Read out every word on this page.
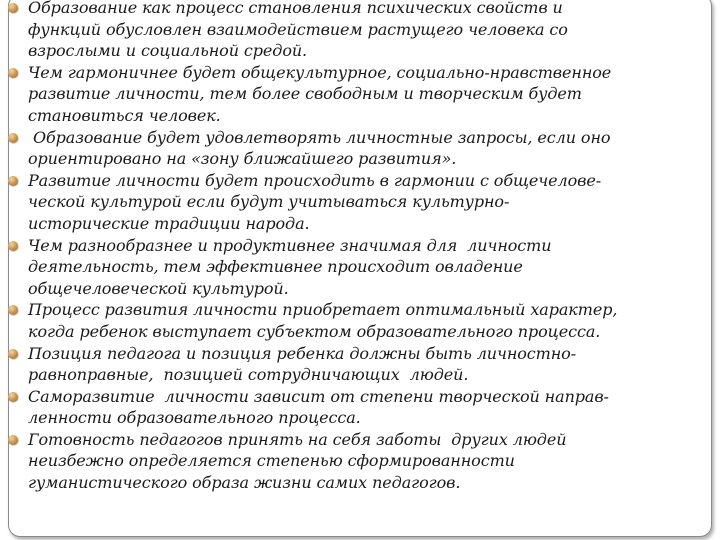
Образование как процесс становления психических свойств и
функций обусловлен взаимодействием растущего человека со
взрослыми и социальной средой.
Чем гармоничнее будет общекультурное, социально-нравственное
развитие личности, тем более свободным и творческим будет
становиться человек.
Образование будет удовлетворять личностные запросы, если оно
ориентировано на «зону ближайшего развития».
Развитие личности будет происходить в гармонии с общечелове-
ческой культурой если будут учитываться культурно-
исторические традиции народа.
Чем разнообразнее и продуктивнее значимая для  личности
деятельность, тем эффективнее происходит овладение
общечеловеческой культурой.
Процесс развития личности приобретает оптимальный характер,
когда ребенок выступает субъектом образовательного процесса.
Позиция педагога и позиция ребенка должны быть личностно-
равноправные,  позицией сотрудничающих  людей.
Саморазвитие  личности зависит от степени творческой направ-
ленности образовательного процесса.
Готовность педагогов принять на себя заботы  других людей
неизбежно определяется степенью сформированности
гуманистического образа жизни самих педагогов.
